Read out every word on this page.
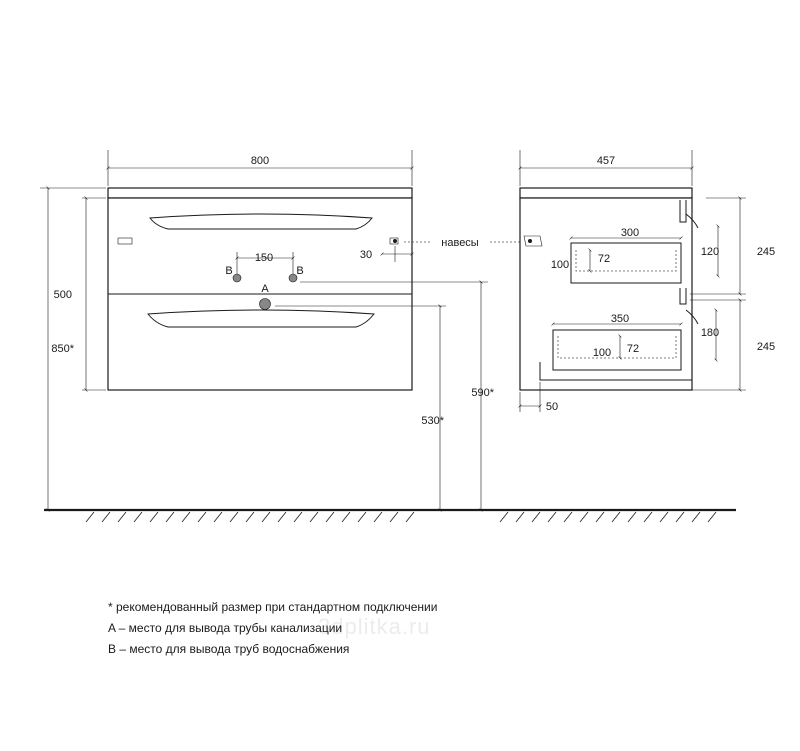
150
B	B
A
800
500
850*
30
навесы
530*
590*
457
300
100	72
120	245
350
100 72
180
245
50
3dplitka.ru
* рекомендованный размер при стандартном подключении
A – место для вывода трубы канализации
B – место для вывода труб водоснабжения
